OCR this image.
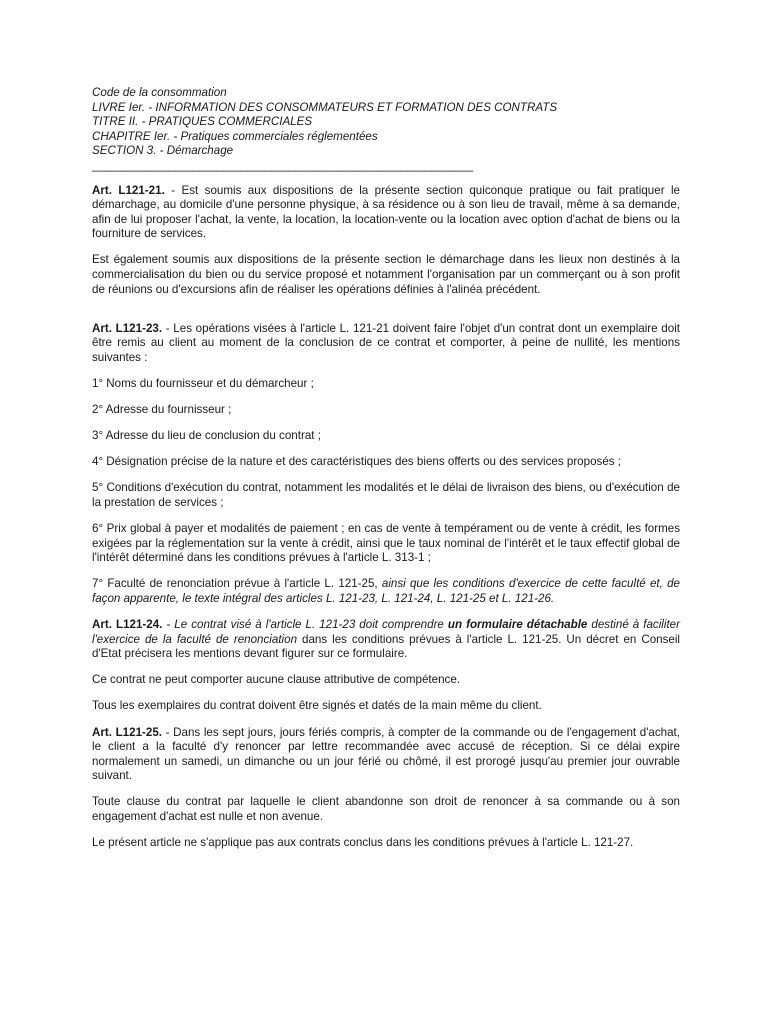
Code de la consommation
LIVRE Ier. - INFORMATION DES CONSOMMATEURS ET FORMATION DES CONTRATS
TITRE II. - PRATIQUES COMMERCIALES
CHAPITRE Ier. - Pratiques commerciales réglementées
SECTION 3. - Démarchage
________________________________________________________________

Art. L121-21. - Est soumis aux dispositions de la présente section quiconque pratique ou fait pratiquer le démarchage, au domicile d'une personne physique, à sa résidence ou à son lieu de travail, même à sa demande, afin de lui proposer l'achat, la vente, la location, la location-vente ou la location avec option d'achat de biens ou la fourniture de services.

Est également soumis aux dispositions de la présente section le démarchage dans les lieux non destinés à la commercialisation du bien ou du service proposé et notamment l'organisation par un commerçant ou à son profit de réunions ou d'excursions afin de réaliser les opérations définies à l'alinéa précédent.

Art. L121-23. - Les opérations visées à l'article L. 121-21 doivent faire l'objet d'un contrat dont un exemplaire doit être remis au client au moment de la conclusion de ce contrat et comporter, à peine de nullité, les mentions suivantes :

1° Noms du fournisseur et du démarcheur ;

2° Adresse du fournisseur ;

3° Adresse du lieu de conclusion du contrat ;

4° Désignation précise de la nature et des caractéristiques des biens offerts ou des services proposés ;

5° Conditions d'exécution du contrat, notamment les modalités et le délai de livraison des biens, ou d'exécution de la prestation de services ;

6° Prix global à payer et modalités de paiement ; en cas de vente à tempérament ou de vente à crédit, les formes exigées par la réglementation sur la vente à crédit, ainsi que le taux nominal de l'intérêt et le taux effectif global de l'intérêt déterminé dans les conditions prévues à l'article L. 313-1 ;

7° Faculté de renonciation prévue à l'article L. 121-25, ainsi que les conditions d'exercice de cette faculté et, de façon apparente, le texte intégral des articles L. 121-23, L. 121-24, L. 121-25 et L. 121-26.

Art. L121-24. - Le contrat visé à l'article L. 121-23 doit comprendre un formulaire détachable destiné à faciliter l'exercice de la faculté de renonciation dans les conditions prévues à l'article L. 121-25. Un décret en Conseil d'Etat précisera les mentions devant figurer sur ce formulaire.

Ce contrat ne peut comporter aucune clause attributive de compétence.

Tous les exemplaires du contrat doivent être signés et datés de la main même du client.

Art. L121-25. - Dans les sept jours, jours fériés compris, à compter de la commande ou de l'engagement d'achat, le client a la faculté d'y renoncer par lettre recommandée avec accusé de réception. Si ce délai expire normalement un samedi, un dimanche ou un jour férié ou chômé, il est prorogé jusqu'au premier jour ouvrable suivant.

Toute clause du contrat par laquelle le client abandonne son droit de renoncer à sa commande ou à son engagement d'achat est nulle et non avenue.

Le présent article ne s'applique pas aux contrats conclus dans les conditions prévues à l'article L. 121-27.
